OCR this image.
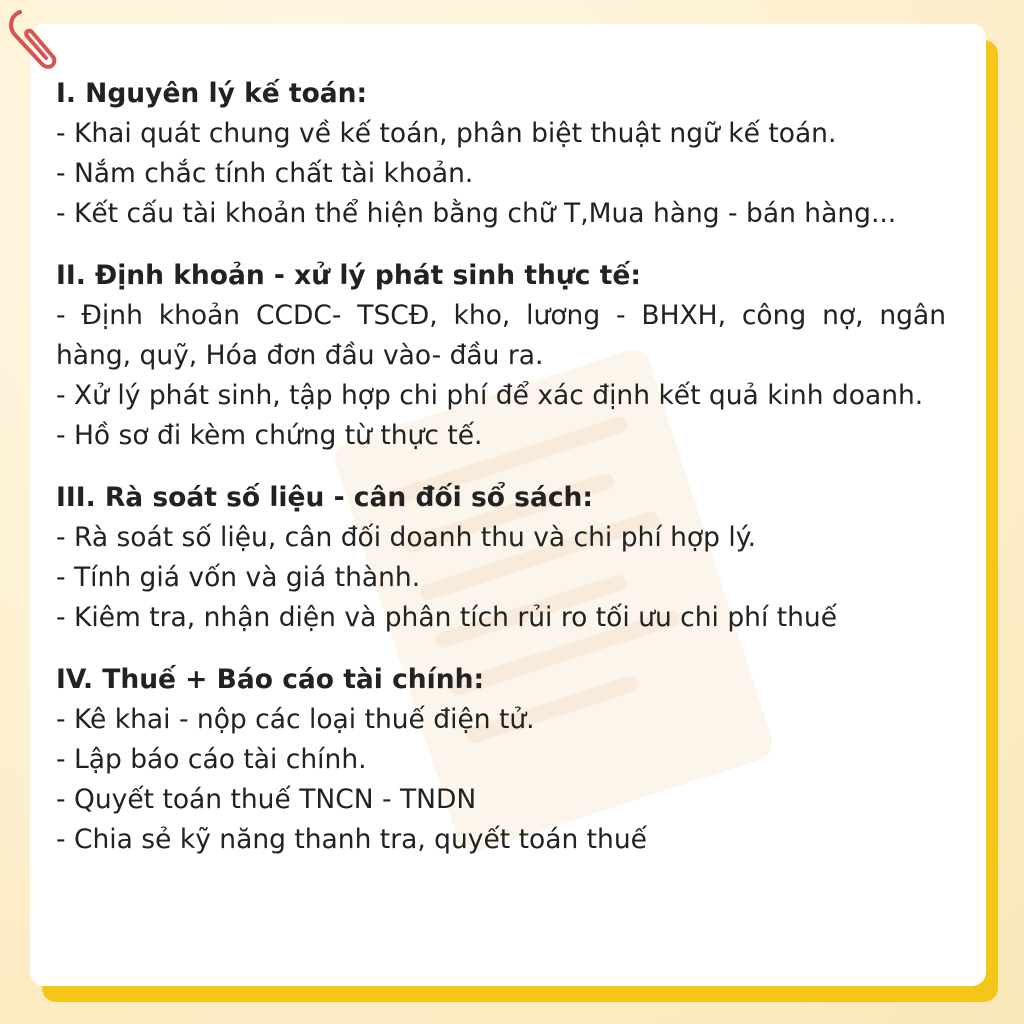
I. Nguyên lý kế toán:

- Khai quát chung về kế toán, phân biệt thuật ngữ kế toán.

- Nắm chắc tính chất tài khoản.

- Kết cấu tài khoản thể hiện bằng chữ T,Mua hàng - bán hàng...

II. Định khoản - xử lý phát sinh thực tế:

- Định khoản CCDC- TSCĐ, kho, lương - BHXH, công nợ, ngân hàng, quỹ, Hóa đơn đầu vào- đầu ra.

- Xử lý phát sinh, tập hợp chi phí để xác định kết quả kinh doanh.

- Hồ sơ đi kèm chứng từ thực tế.

III. Rà soát số liệu - cân đối sổ sách:

- Rà soát số liệu, cân đối doanh thu và chi phí hợp lý.

- Tính giá vốn và giá thành.

- Kiêm tra, nhận diện và phân tích rủi ro tối ưu chi phí thuế

IV. Thuế + Báo cáo tài chính:

- Kê khai - nộp các loại thuế điện tử.

- Lập báo cáo tài chính.

- Quyết toán thuế TNCN - TNDN

- Chia sẻ kỹ năng thanh tra, quyết toán thuế
